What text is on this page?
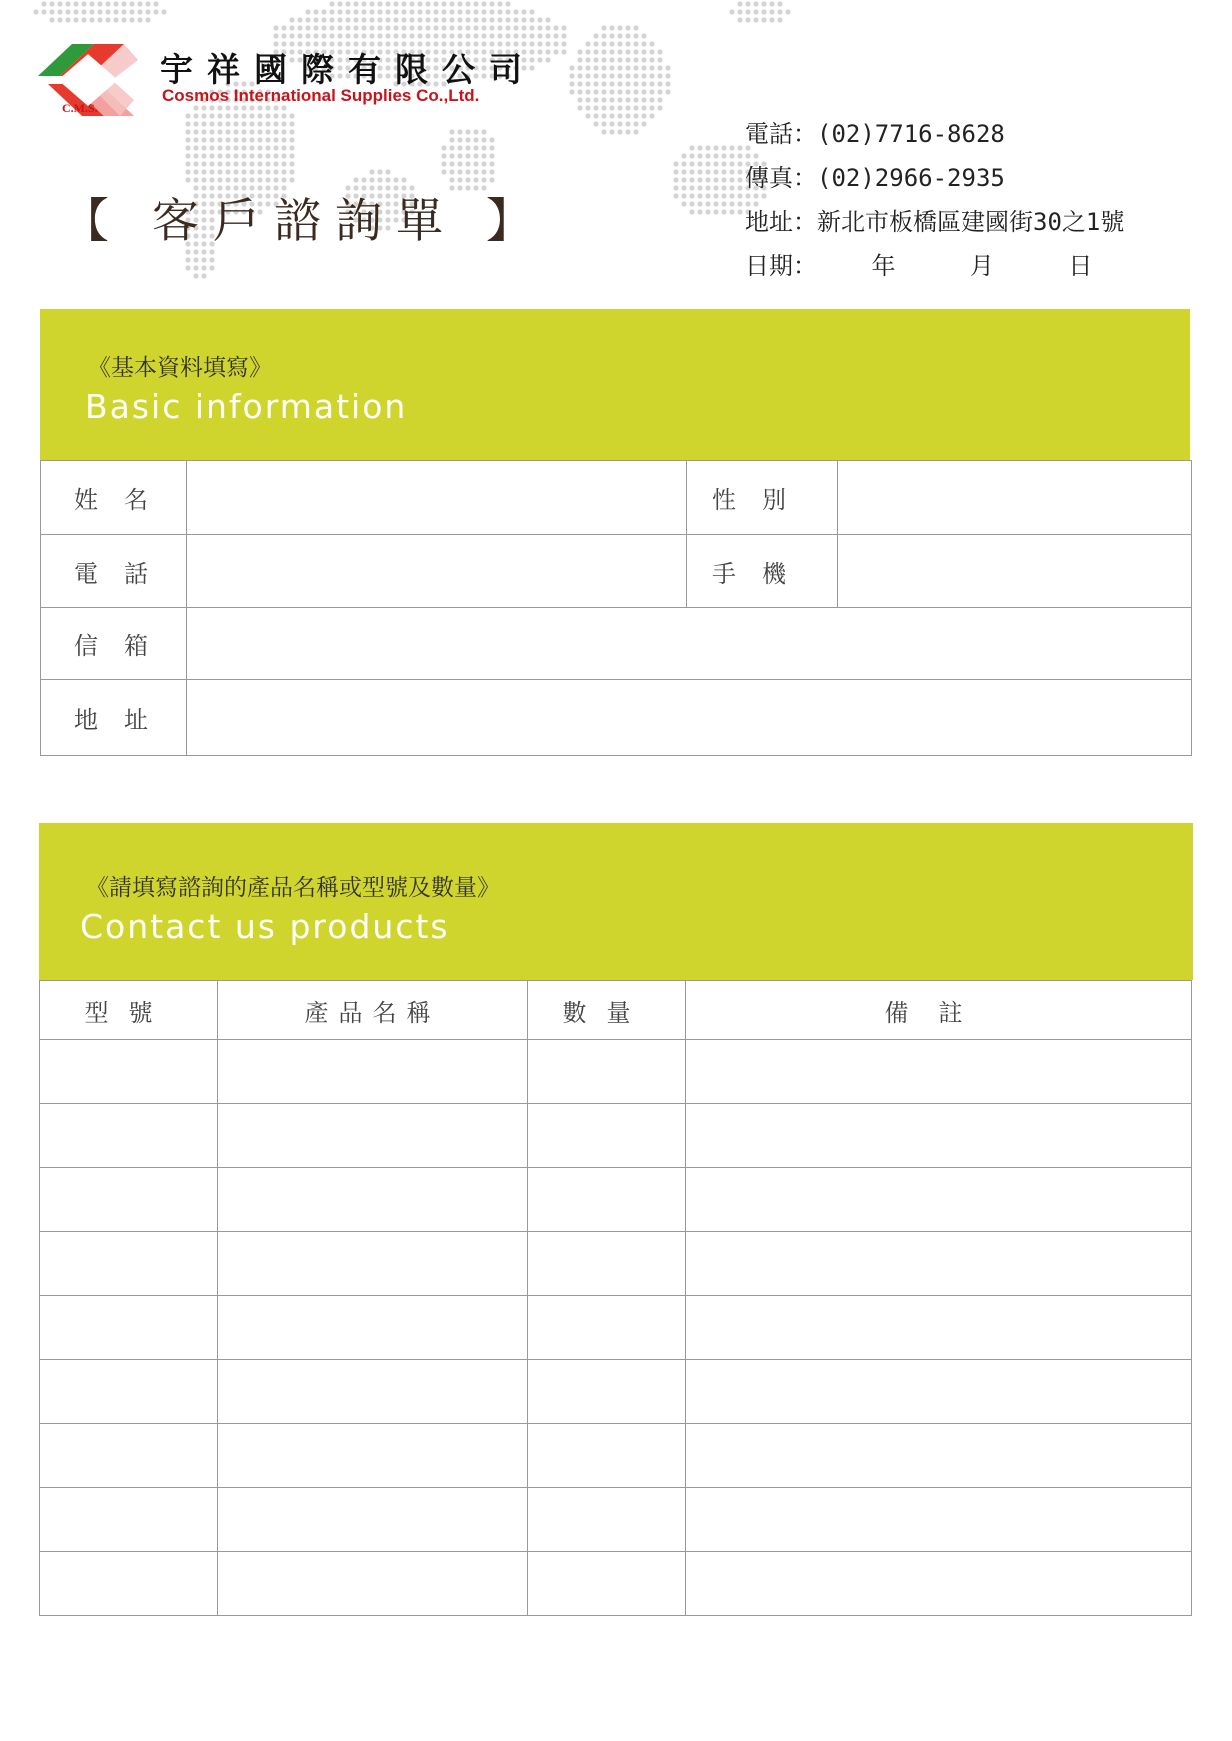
宇祥國際有限公司
Cosmos International Supplies Co.,Ltd.
C.M.S.
【 客戶諮詢單 】
電話：(02)7716-8628
傳真：(02)2966-2935
地址：新北市板橋區建國街30之1號
日期： 年	月	日
《基本資料填寫》
Basic information
姓名		性別	
電話		手機	
信箱			
地址			
《請填寫諮詢的產品名稱或型號及數量》
Contact us products
型號	產品名稱	數量	備註
